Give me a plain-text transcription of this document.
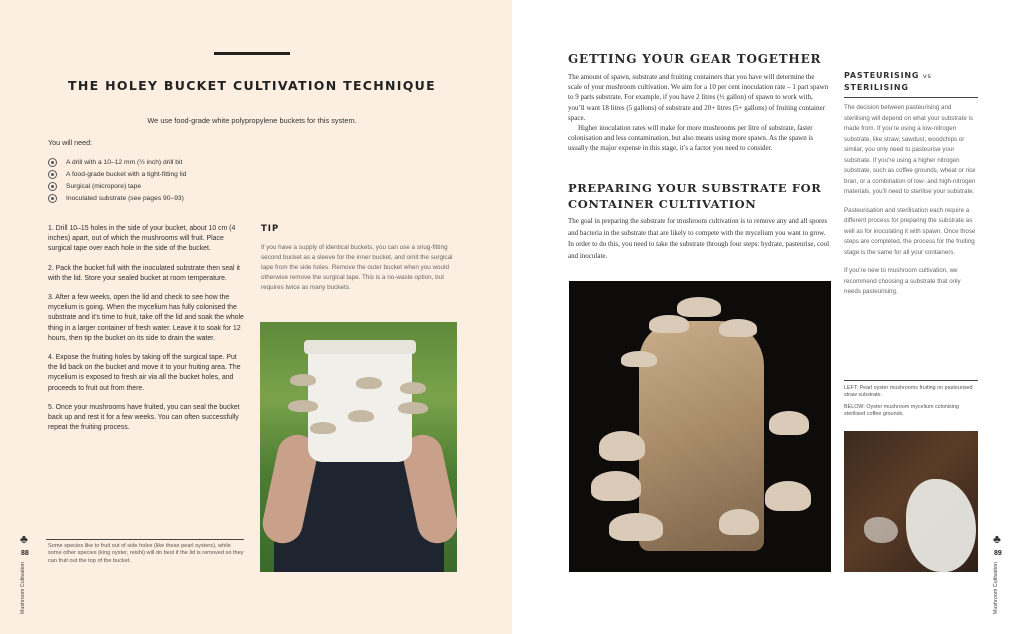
THE HOLEY BUCKET CULTIVATION TECHNIQUE

We use food-grade white polypropylene buckets for this system.

You will need:

A drill with a 10–12 mm (½ inch) drill bit
A food-grade bucket with a tight-fitting lid
Surgical (micropore) tape
Inoculated substrate (see pages 90–93)

1. Drill 10–15 holes in the side of your bucket, about 10 cm (4 inches) apart, out of which the mushrooms will fruit. Place surgical tape over each hole in the side of the bucket.

2. Pack the bucket full with the inoculated substrate then seal it with the lid. Store your sealed bucket at room temperature.

3. After a few weeks, open the lid and check to see how the mycelium is going. When the mycelium has fully colonised the substrate and it’s time to fruit, take off the lid and soak the whole thing in a larger container of fresh water. Leave it to soak for 12 hours, then tip the bucket on its side to drain the water.

4. Expose the fruiting holes by taking off the surgical tape. Put the lid back on the bucket and move it to your fruiting area. The mycelium is exposed to fresh air via all the bucket holes, and proceeds to fruit out from there.

5. Once your mushrooms have fruited, you can seal the bucket back up and rest it for a few weeks. You can often successfully repeat the fruiting process.

TIP

If you have a supply of identical buckets, you can use a snug-fitting second bucket as a sleeve for the inner bucket, and omit the surgical tape from the side holes. Remove the outer bucket when you would otherwise remove the surgical tape. This is a no-waste option, but requires twice as many buckets.

Some species like to fruit out of side holes (like these pearl oysters), while some other species (king oyster, reishi) will do best if the lid is removed so they can fruit out the top of the bucket.

♣
88
Mushroom Cultivation
GETTING YOUR GEAR TOGETHER

The amount of spawn, substrate and fruiting containers that you have will determine the scale of your mushroom cultivation. We aim for a 10 per cent inoculation rate – 1 part spawn to 9 parts substrate. For example, if you have 2 litres (½ gallon) of spawn to work with, you’ll want 18 litres (5 gallons) of substrate and 20+ litres (5+ gallons) of fruiting container space.

Higher inoculation rates will make for more mushrooms per litre of substrate, faster colonisation and less contamination, but also means using more spawn. As the spawn is usually the major expense in this stage, it’s a factor you need to consider.

PREPARING YOUR SUBSTRATE FOR CONTAINER CULTIVATION

The goal in preparing the substrate for mushroom cultivation is to remove any and all spores and bacteria in the substrate that are likely to compete with the mycelium you want to grow. In order to do this, you need to take the substrate through four steps: hydrate, pasteurise, cool and inoculate.

PASTEURISING vs
STERILISING

The decision between pasteurising and sterilising will depend on what your substrate is made from. If you’re using a low-nitrogen substrate, like straw, sawdust, woodchips or similar, you only need to pasteurise your substrate. If you’re using a higher nitrogen substrate, such as coffee grounds, wheat or rice bran, or a combination of low- and high-nitrogen materials, you’ll need to sterilise your substrate.

Pasteurisation and sterilisation each require a different process for preparing the substrate as well as for inoculating it with spawn. Once those steps are completed, the process for the fruiting stage is the same for all your containers.

If you’re new to mushroom cultivation, we recommend choosing a substrate that only needs pasteurising.

LEFT: Pearl oyster mushrooms fruiting on pasteurised straw substrate.

BELOW: Oyster mushroom mycelium colonising sterilised coffee grounds.

♣
89
Mushroom Cultivation
